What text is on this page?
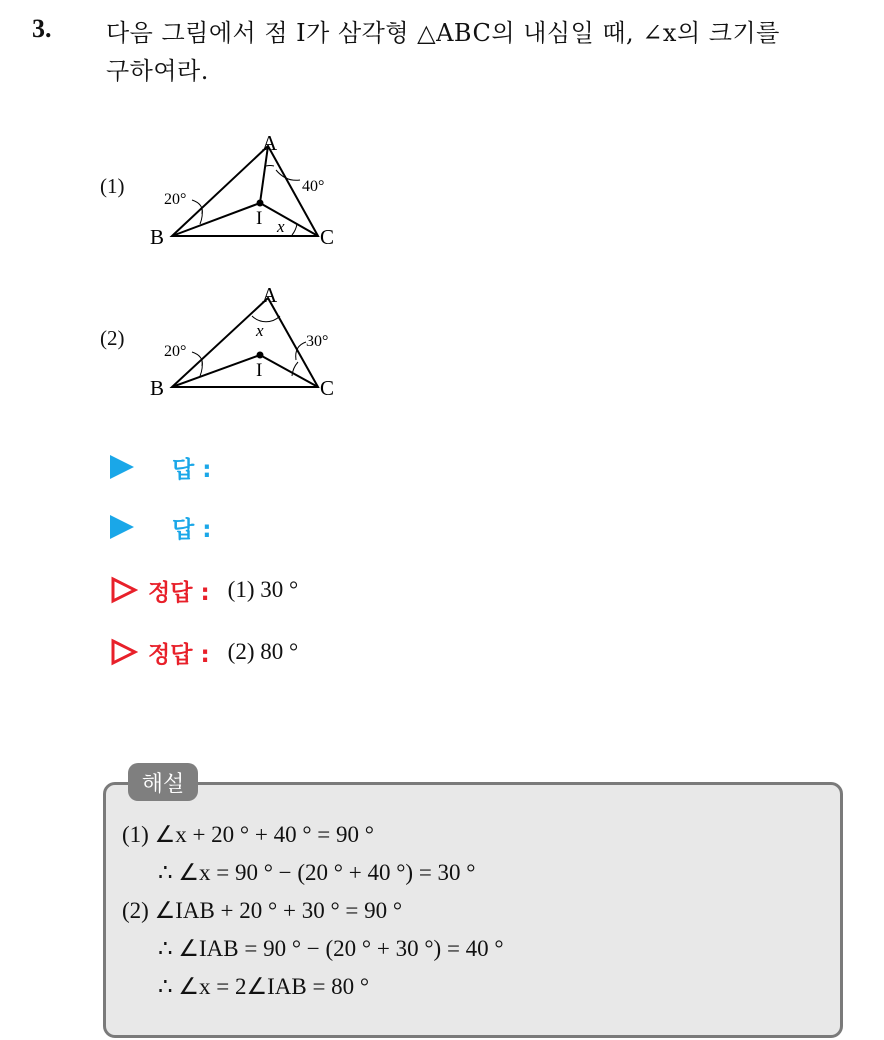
3. 다음 그림에서 점 I가 삼각형 △ABC의 내심일 때, ∠x의 크기를
구하여라.
(1)
A
B	C
I
20°
40°
x
(2)
A
B	C
I
20°
30°
x
답 :
답 :
정답 : (1) 30 °
정답 : (2) 80 °
해설
(1) ∠x + 20 ° + 40 ° = 90 °
∴ ∠x = 90 ° − (20 ° + 40 °) = 30 °
(2) ∠IAB + 20 ° + 30 ° = 90 °
∴ ∠IAB = 90 ° − (20 ° + 30 °) = 40 °
∴ ∠x = 2∠IAB = 80 °
